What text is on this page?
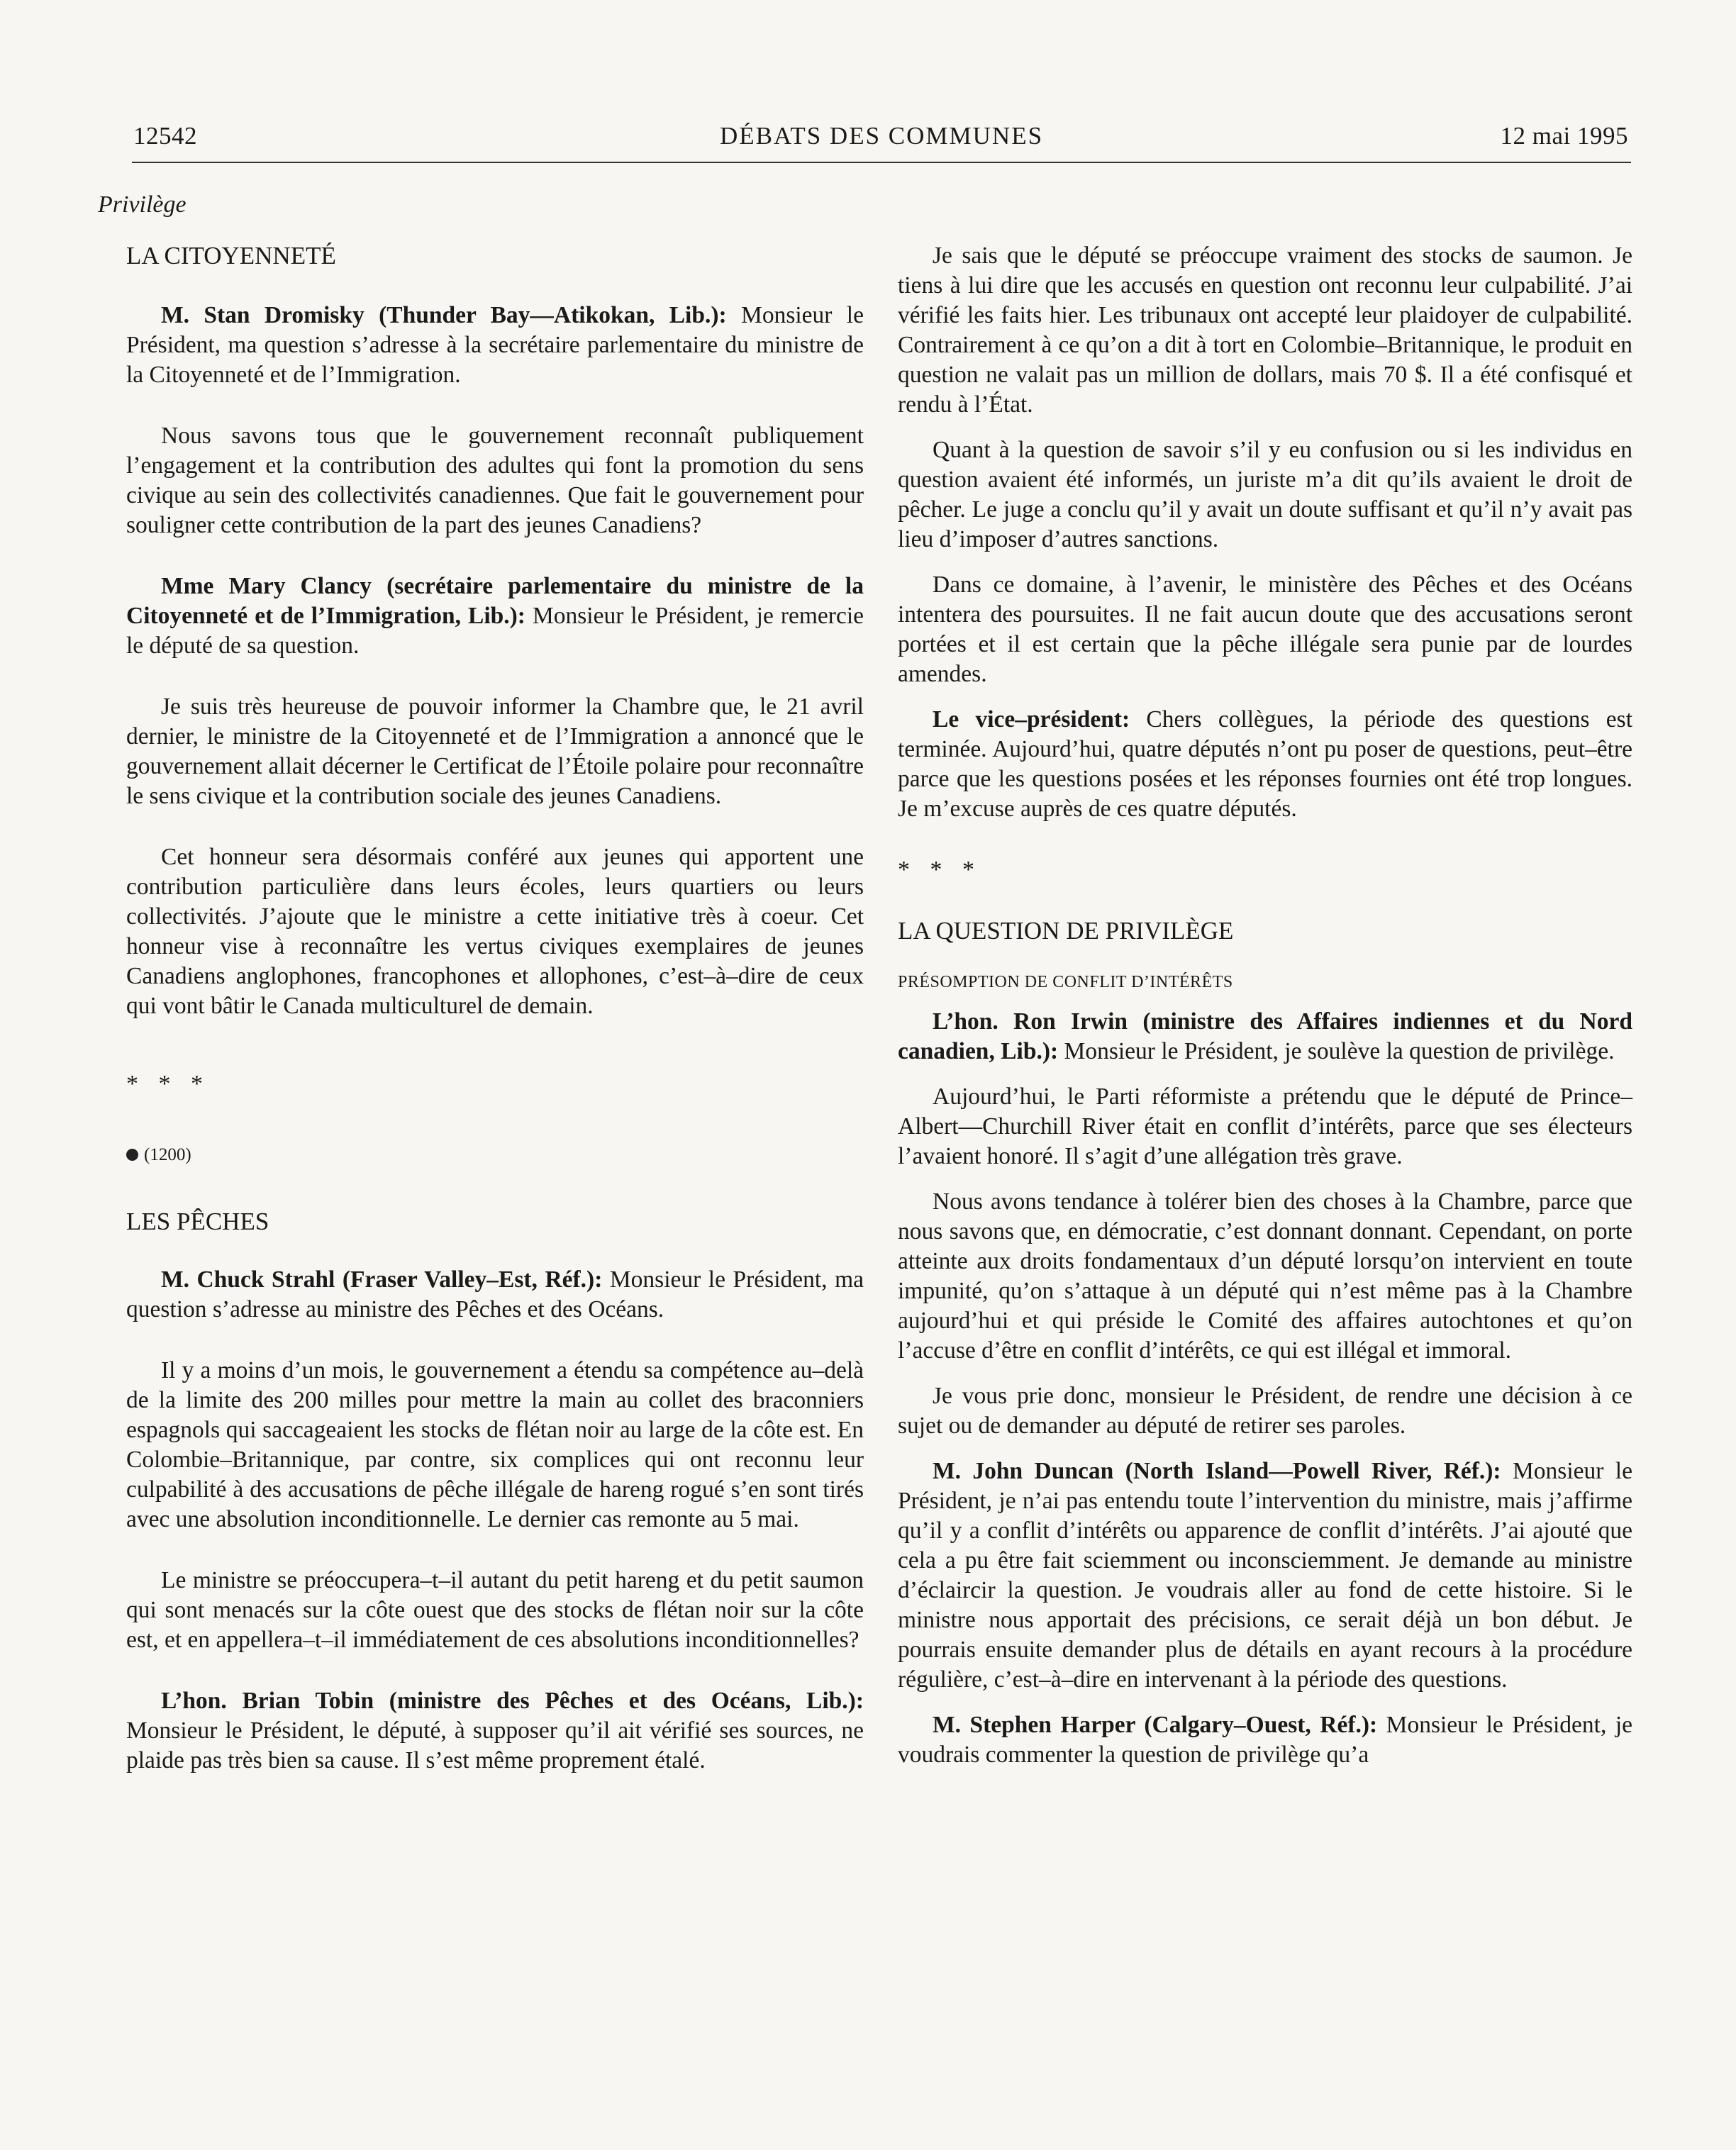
12542	DÉBATS DES COMMUNES	12 mai 1995

Privilège

LA CITOYENNETÉ

M. Stan Dromisky (Thunder Bay—Atikokan, Lib.): Monsieur le Président, ma question s’adresse à la secrétaire parlementaire du ministre de la Citoyenneté et de l’Immigration.

Nous savons tous que le gouvernement reconnaît publiquement l’engagement et la contribution des adultes qui font la promotion du sens civique au sein des collectivités canadiennes. Que fait le gouvernement pour souligner cette contribution de la part des jeunes Canadiens?

Mme Mary Clancy (secrétaire parlementaire du ministre de la Citoyenneté et de l’Immigration, Lib.): Monsieur le Président, je remercie le député de sa question.

Je suis très heureuse de pouvoir informer la Chambre que, le 21 avril dernier, le ministre de la Citoyenneté et de l’Immigration a annoncé que le gouvernement allait décerner le Certificat de l’Étoile polaire pour reconnaître le sens civique et la contribution sociale des jeunes Canadiens.

Cet honneur sera désormais conféré aux jeunes qui apportent une contribution particulière dans leurs écoles, leurs quartiers ou leurs collectivités. J’ajoute que le ministre a cette initiative très à coeur. Cet honneur vise à reconnaître les vertus civiques exemplaires de jeunes Canadiens anglophones, francophones et allophones, c’est–à–dire de ceux qui vont bâtir le Canada multiculturel de demain.

* * *

(1200)

LES PÊCHES

M. Chuck Strahl (Fraser Valley–Est, Réf.): Monsieur le Président, ma question s’adresse au ministre des Pêches et des Océans.

Il y a moins d’un mois, le gouvernement a étendu sa compétence au–delà de la limite des 200 milles pour mettre la main au collet des braconniers espagnols qui saccageaient les stocks de flétan noir au large de la côte est. En Colombie–Britannique, par contre, six complices qui ont reconnu leur culpabilité à des accusations de pêche illégale de hareng rogué s’en sont tirés avec une absolution inconditionnelle. Le dernier cas remonte au 5 mai.

Le ministre se préoccupera–t–il autant du petit hareng et du petit saumon qui sont menacés sur la côte ouest que des stocks de flétan noir sur la côte est, et en appellera–t–il immédiatement de ces absolutions inconditionnelles?

L’hon. Brian Tobin (ministre des Pêches et des Océans, Lib.): Monsieur le Président, le député, à supposer qu’il ait vérifié ses sources, ne plaide pas très bien sa cause. Il s’est même proprement étalé.

Je sais que le député se préoccupe vraiment des stocks de saumon. Je tiens à lui dire que les accusés en question ont reconnu leur culpabilité. J’ai vérifié les faits hier. Les tribunaux ont accepté leur plaidoyer de culpabilité. Contrairement à ce qu’on a dit à tort en Colombie–Britannique, le produit en question ne valait pas un million de dollars, mais 70 $. Il a été confisqué et rendu à l’État.

Quant à la question de savoir s’il y eu confusion ou si les individus en question avaient été informés, un juriste m’a dit qu’ils avaient le droit de pêcher. Le juge a conclu qu’il y avait un doute suffisant et qu’il n’y avait pas lieu d’imposer d’autres sanctions.

Dans ce domaine, à l’avenir, le ministère des Pêches et des Océans intentera des poursuites. Il ne fait aucun doute que des accusations seront portées et il est certain que la pêche illégale sera punie par de lourdes amendes.

Le vice–président: Chers collègues, la période des questions est terminée. Aujourd’hui, quatre députés n’ont pu poser de questions, peut–être parce que les questions posées et les réponses fournies ont été trop longues. Je m’excuse auprès de ces quatre députés.

* * *

LA QUESTION DE PRIVILÈGE

PRÉSOMPTION DE CONFLIT D’INTÉRÊTS

L’hon. Ron Irwin (ministre des Affaires indiennes et du Nord canadien, Lib.): Monsieur le Président, je soulève la question de privilège.

Aujourd’hui, le Parti réformiste a prétendu que le député de Prince–Albert—Churchill River était en conflit d’intérêts, parce que ses électeurs l’avaient honoré. Il s’agit d’une allégation très grave.

Nous avons tendance à tolérer bien des choses à la Chambre, parce que nous savons que, en démocratie, c’est donnant donnant. Cependant, on porte atteinte aux droits fondamentaux d’un député lorsqu’on intervient en toute impunité, qu’on s’attaque à un député qui n’est même pas à la Chambre aujourd’hui et qui préside le Comité des affaires autochtones et qu’on l’accuse d’être en conflit d’intérêts, ce qui est illégal et immoral.

Je vous prie donc, monsieur le Président, de rendre une décision à ce sujet ou de demander au député de retirer ses paroles.

M. John Duncan (North Island—Powell River, Réf.): Monsieur le Président, je n’ai pas entendu toute l’intervention du ministre, mais j’affirme qu’il y a conflit d’intérêts ou apparence de conflit d’intérêts. J’ai ajouté que cela a pu être fait sciemment ou inconsciemment. Je demande au ministre d’éclaircir la question. Je voudrais aller au fond de cette histoire. Si le ministre nous apportait des précisions, ce serait déjà un bon début. Je pourrais ensuite demander plus de détails en ayant recours à la procédure régulière, c’est–à–dire en intervenant à la période des questions.

M. Stephen Harper (Calgary–Ouest, Réf.): Monsieur le Président, je voudrais commenter la question de privilège qu’a
